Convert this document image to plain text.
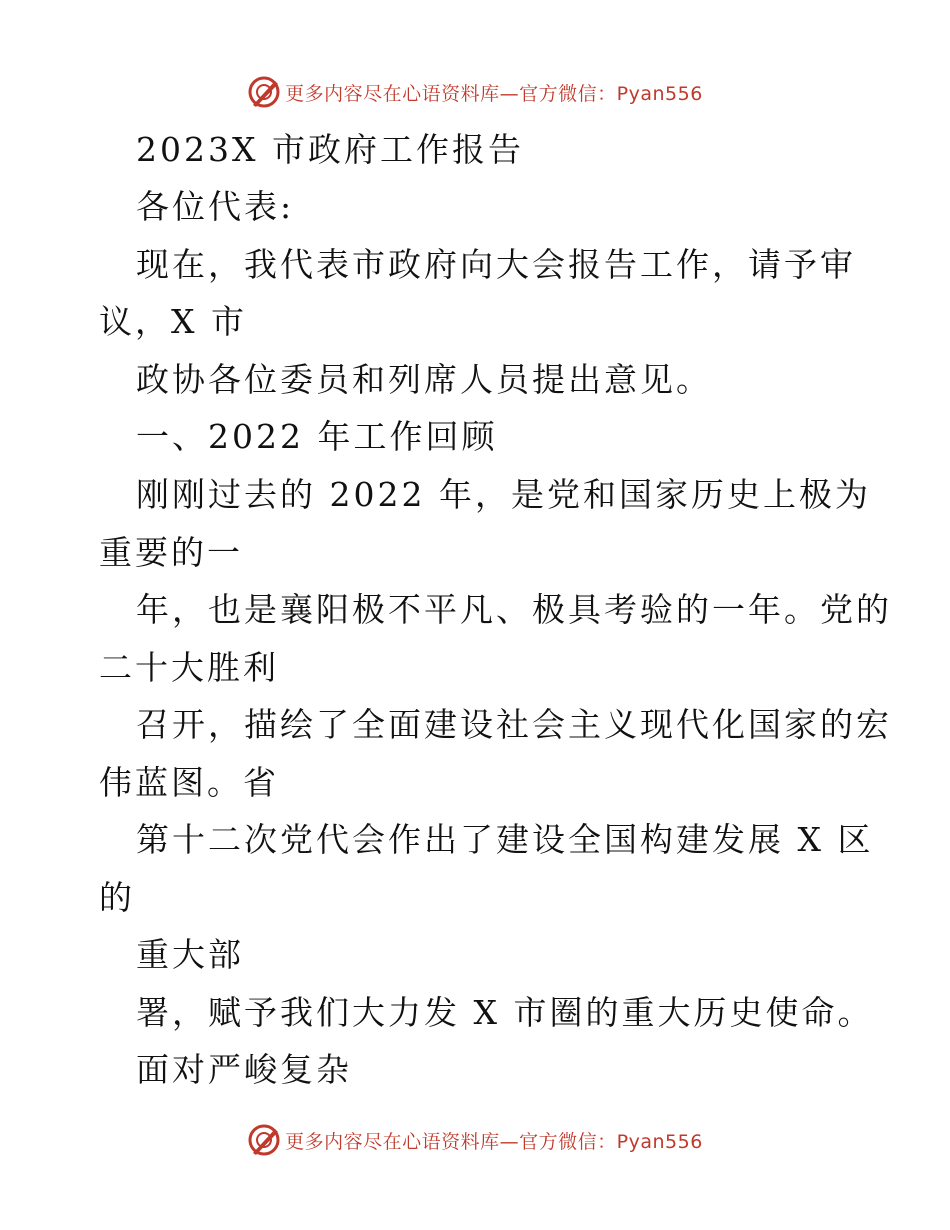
更多内容尽在心语资料库—官方微信：Pyan556
2023X 市政府工作报告
各位代表:
现在，我代表市政府向大会报告工作，请予审
议，X 市
政协各位委员和列席人员提出意见。
一、2022 年工作回顾
刚刚过去的 2022 年，是党和国家历史上极为
重要的一
年，也是襄阳极不平凡、极具考验的一年。党的
二十大胜利
召开，描绘了全面建设社会主义现代化国家的宏
伟蓝图。省
第十二次党代会作出了建设全国构建发展 X 区
的
重大部
署，赋予我们大力发 X 市圈的重大历史使命。
面对严峻复杂
更多内容尽在心语资料库—官方微信：Pyan556
